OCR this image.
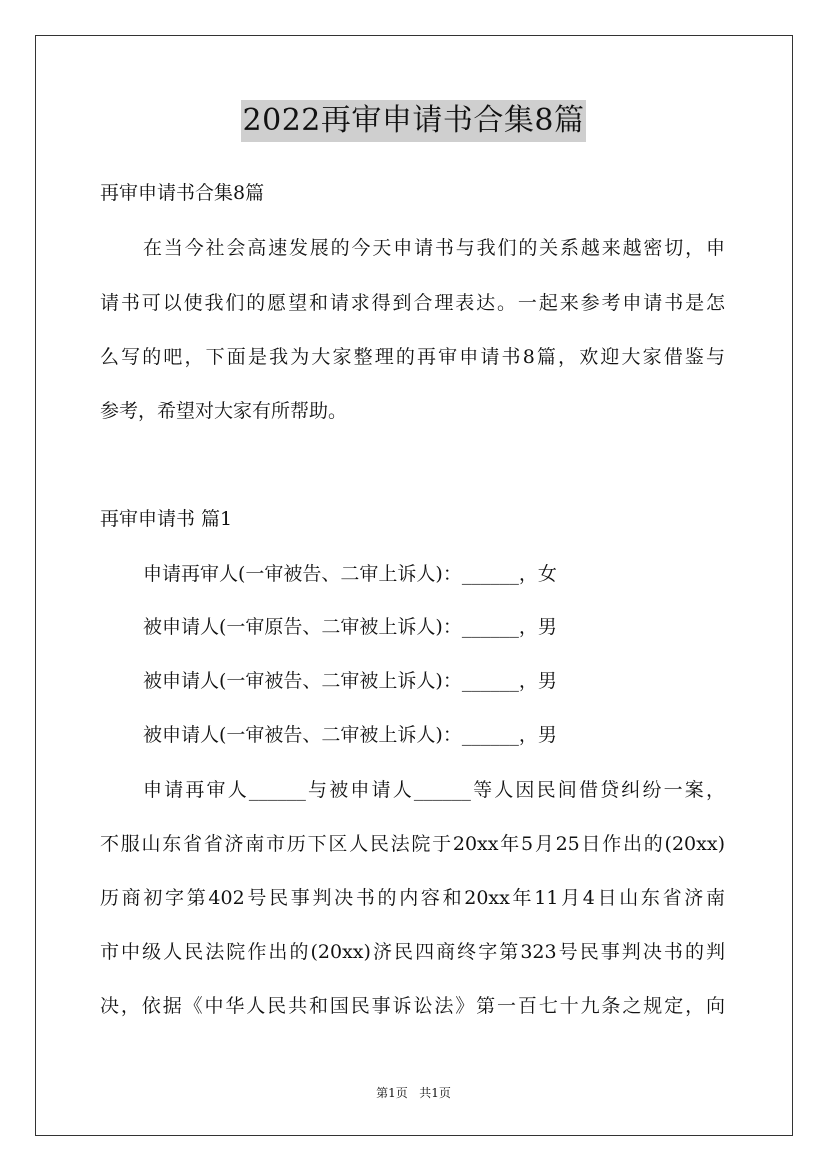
2022再审申请书合集8篇
再审申请书合集8篇
在当今社会高速发展的今天申请书与我们的关系越来越密切，申
请书可以使我们的愿望和请求得到合理表达。一起来参考申请书是怎
么写的吧，下面是我为大家整理的再审申请书8篇，欢迎大家借鉴与
参考，希望对大家有所帮助。
再审申请书 篇1
申请再审人(一审被告、二审上诉人)：______，女
被申请人(一审原告、二审被上诉人)：______，男
被申请人(一审被告、二审被上诉人)：______，男
被申请人(一审被告、二审被上诉人)：______，男
申请再审人______与被申请人______等人因民间借贷纠纷一案，
不服山东省省济南市历下区人民法院于20xx年5月25日作出的(20xx)
历商初字第402号民事判决书的内容和20xx年11月4日山东省济南
市中级人民法院作出的(20xx)济民四商终字第323号民事判决书的判
决，依据《中华人民共和国民事诉讼法》第一百七十九条之规定，向
第1页 共1页
